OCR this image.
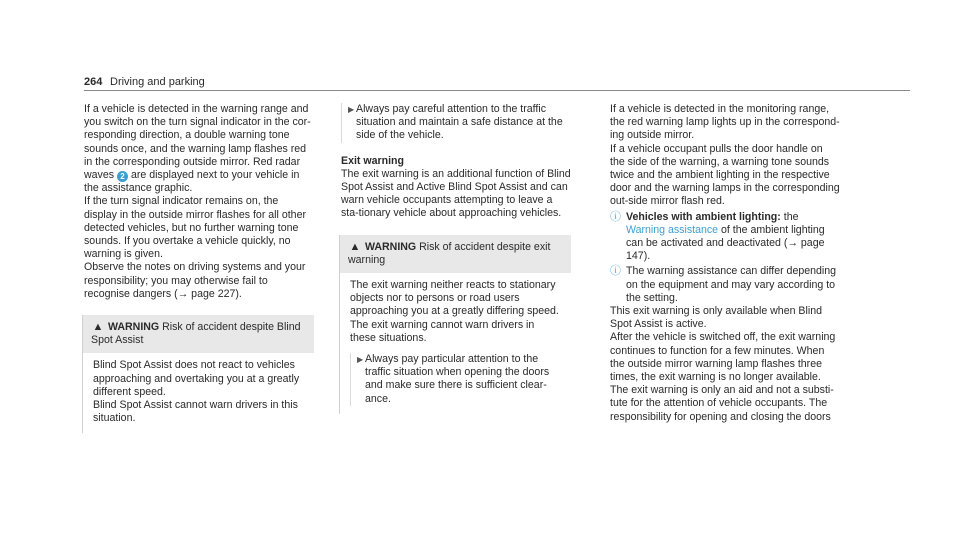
264 Driving and parking

If a vehicle is detected in the warning range and you switch on the turn signal indicator in the cor-responding direction, a double warning tone sounds once, and the warning lamp flashes red in the corresponding outside mirror. Red radar waves 2 are displayed next to your vehicle in the assistance graphic.

If the turn signal indicator remains on, the display in the outside mirror flashes for all other detected vehicles, but no further warning tone sounds. If you overtake a vehicle quickly, no warning is given.

Observe the notes on driving systems and your responsibility; you may otherwise fail to recognise dangers (→ page 227).

▲ WARNING Risk of accident despite Blind Spot Assist

Blind Spot Assist does not react to vehicles approaching and overtaking you at a greatly different speed.

Blind Spot Assist cannot warn drivers in this situation.

▶ Always pay careful attention to the traffic situation and maintain a safe distance at the side of the vehicle.

Exit warning

The exit warning is an additional function of Blind Spot Assist and Active Blind Spot Assist and can warn vehicle occupants attempting to leave a sta-tionary vehicle about approaching vehicles.

▲ WARNING Risk of accident despite exit warning

The exit warning neither reacts to stationary objects nor to persons or road users approaching you at a greatly differing speed.

The exit warning cannot warn drivers in these situations.

▶ Always pay particular attention to the traffic situation when opening the doors and make sure there is sufficient clear-ance.

If a vehicle is detected in the monitoring range, the red warning lamp lights up in the correspond-ing outside mirror.

If a vehicle occupant pulls the door handle on the side of the warning, a warning tone sounds twice and the ambient lighting in the respective door and the warning lamps in the corresponding out-side mirror flash red.

ⓘ Vehicles with ambient lighting: the Warning assistance of the ambient lighting can be activated and deactivated (→ page 147).
ⓘ The warning assistance can differ depending on the equipment and may vary according to the setting.

This exit warning is only available when Blind Spot Assist is active.

After the vehicle is switched off, the exit warning continues to function for a few minutes. When the outside mirror warning lamp flashes three times, the exit warning is no longer available.

The exit warning is only an aid and not a substi-tute for the attention of vehicle occupants. The responsibility for opening and closing the doors
